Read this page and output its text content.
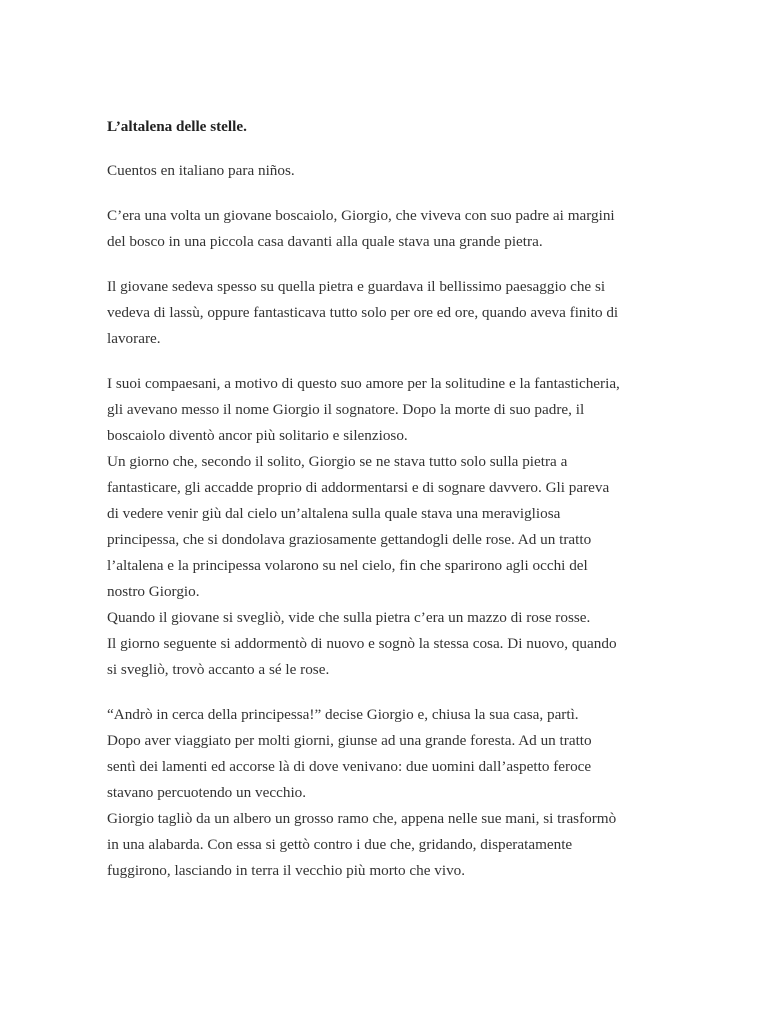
L’altalena delle stelle.
Cuentos en italiano para niños.
C’era una volta un giovane boscaiolo, Giorgio, che viveva con suo padre ai margini
del bosco in una piccola casa davanti alla quale stava una grande pietra.
Il giovane sedeva spesso su quella pietra e guardava il bellissimo paesaggio che si
vedeva di lassù, oppure fantasticava tutto solo per ore ed ore, quando aveva finito di
lavorare.
I suoi compaesani, a motivo di questo suo amore per la solitudine e la fantasticheria,
gli avevano messo il nome Giorgio il sognatore. Dopo la morte di suo padre, il
boscaiolo diventò ancor più solitario e silenzioso.
Un giorno che, secondo il solito, Giorgio se ne stava tutto solo sulla pietra a
fantasticare, gli accadde proprio di addormentarsi e di sognare davvero. Gli pareva
di vedere venir giù dal cielo un’altalena sulla quale stava una meravigliosa
principessa, che si dondolava graziosamente gettandogli delle rose. Ad un tratto
l’altalena e la principessa volarono su nel cielo, fin che sparirono agli occhi del
nostro Giorgio.
Quando il giovane si svegliò, vide che sulla pietra c’era un mazzo di rose rosse.
Il giorno seguente si addormentò di nuovo e sognò la stessa cosa. Di nuovo, quando
si svegliò, trovò accanto a sé le rose.
“Andrò in cerca della principessa!” decise Giorgio e, chiusa la sua casa, partì.
Dopo aver viaggiato per molti giorni, giunse ad una grande foresta. Ad un tratto
sentì dei lamenti ed accorse là di dove venivano: due uomini dall’aspetto feroce
stavano percuotendo un vecchio.
Giorgio tagliò da un albero un grosso ramo che, appena nelle sue mani, si trasformò
in una alabarda. Con essa si gettò contro i due che, gridando, disperatamente
fuggirono, lasciando in terra il vecchio più morto che vivo.
